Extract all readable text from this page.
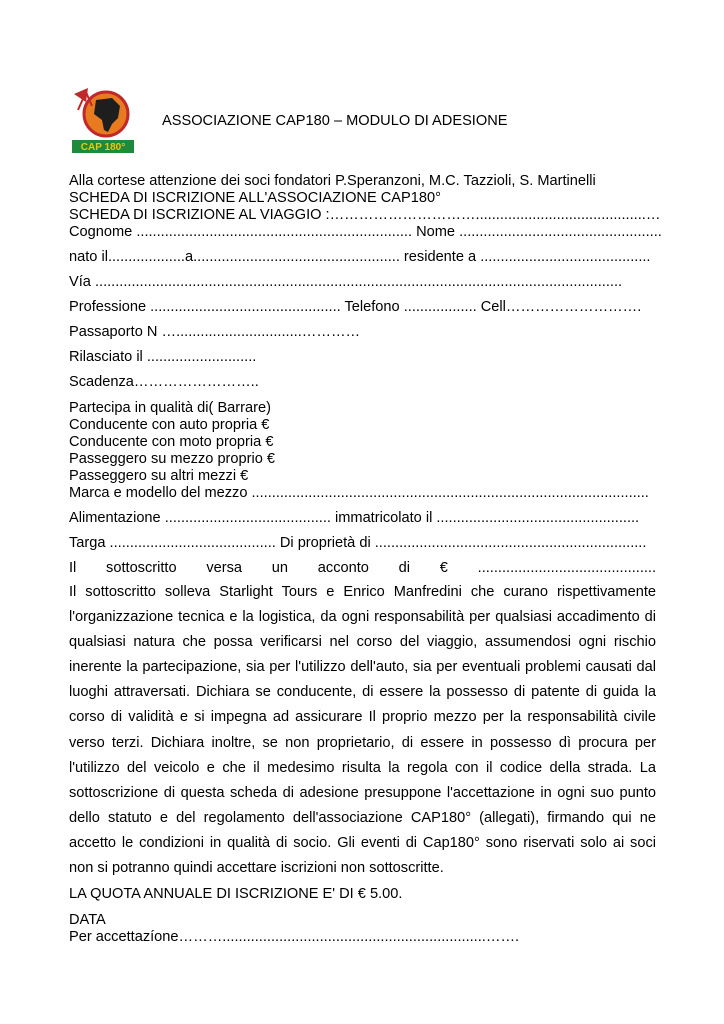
CAP 180°
ASSOCIAZIONE CAP180 – MODULO DI ADESIONE
Alla cortese attenzione dei soci fondatori P.Speranzoni, M.C. Tazzioli, S. Martinelli
SCHEDA DI ISCRIZIONE ALL'ASSOCIAZIONE CAP180°
SCHEDA DI ISCRIZIONE AL VIAGGIO :…………………………..........................................…
Cognome .................................................................... Nome ..................................................
nato il...................a................................................... residente a ..........................................
Vía ..................................................................................................................................
Professione ............................................... Telefono .................. Cell……………………….
Passaporto N …...............................…………
Rilasciato il ...........................
Scadenza……………………..
Partecipa in qualità di( Barrare)
Conducente con auto propria €
Conducente con moto propria €
Passeggero su mezzo proprio €
Passeggero su altri mezzi €
Marca e modello del mezzo ..................................................................................................
Alimentazione ......................................... immatricolato il ..................................................
Targa ......................................... Di proprietà di ...................................................................
Il sottoscritto versa un acconto di € ............................................
Il sottoscritto solleva Starlight Tours e Enrico Manfredini che curano rispettivamente l'organizzazione tecnica e la logistica, da ogni responsabilità per qualsiasi accadimento di qualsiasi natura che possa verificarsi nel corso del viaggio, assumendosi ogni rischio inerente la partecipazione, sia per l'utilizzo dell'auto, sia per eventuali problemi causati dal luoghi attraversati. Dichiara se conducente, di essere la possesso di patente di guida la corso di validità e si impegna ad assicurare Il proprio mezzo per la responsabilità civile verso terzi. Dichiara inoltre, se non proprietario, di essere in possesso dì procura per l'utilizzo del veicolo e che il medesimo risulta la regola con il codice della strada. La sottoscrizione di questa scheda di adesione presuppone l'accettazione in ogni suo punto dello statuto e del regolamento dell'associazione CAP180° (allegati), firmando qui ne accetto le condizioni in qualità di socio. Gli eventi di Cap180° sono riservati solo ai soci non si potranno quindi accettare iscrizioni non sottoscritte.
LA QUOTA ANNUALE DI ISCRIZIONE E' DI € 5.00.
DATA
Per accettazíone……….................................................................…….
